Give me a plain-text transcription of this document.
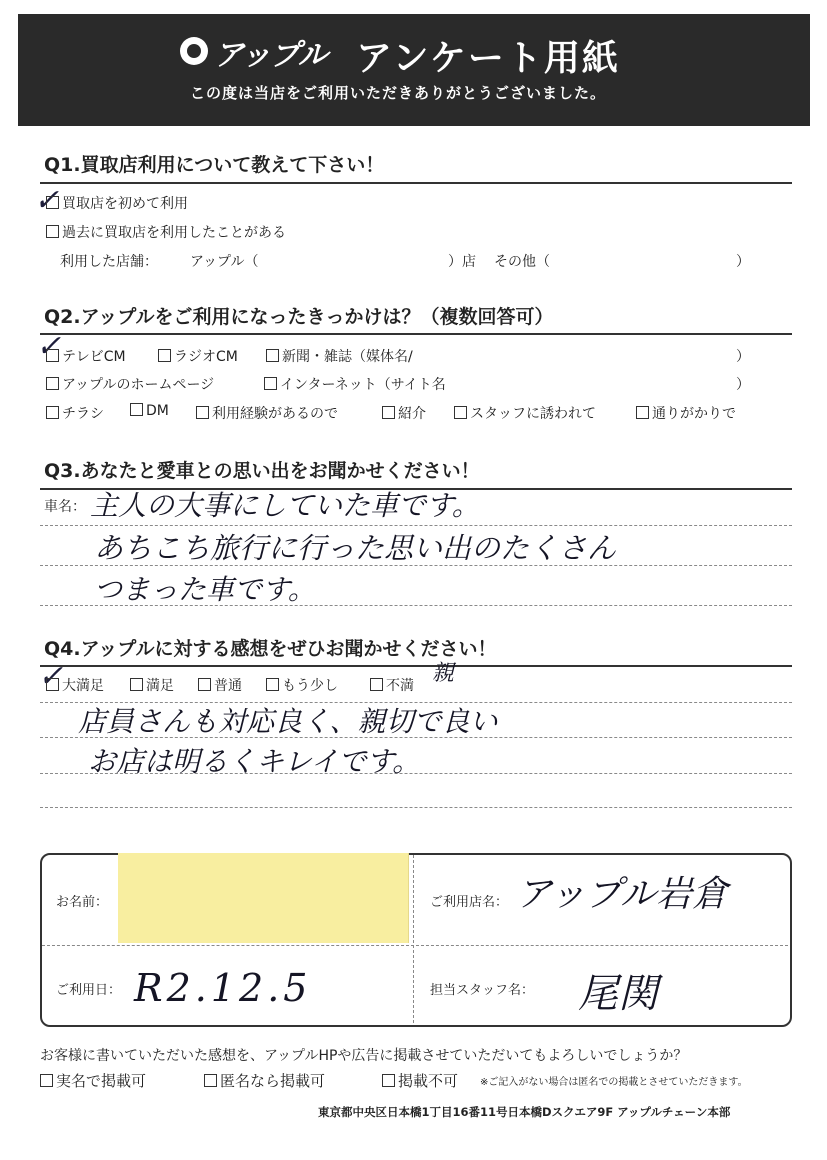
アップル アンケート用紙
この度は当店をご利用いただきありがとうございました。
Q1.買取店利用について教えて下さい！
✓ 買取店を初めて利用
過去に買取店を利用したことがある
利用した店舗： アップル（	）店 その他（	）
Q2.アップルをご利用になったきっかけは？（複数回答可）
✓ テレビCM	ラジオCM	新聞・雑誌（媒体名/	）
アップルのホームページ	インターネット（サイト名	）
チラシ	DM	利用経験があるので	紹介	スタッフに誘われて	通りがかりで
Q3.あなたと愛車との思い出をお聞かせください！
車名： 主人の大事にしていた車です。
あちこち旅行に行った思い出のたくさん
つまった車です。
Q4.アップルに対する感想をぜひお聞かせください！
✓
大満足	満足	普通	もう少し	不満 親
店員さんも対応良く、親切で良い
お店は明るくキレイです。
お名前：	ご利用店名： アップル岩倉
ご利用日： R2.12.5	担当スタッフ名： 尾関
お客様に書いていただいた感想を、アップルHPや広告に掲載させていただいてもよろしいでしょうか？
実名で掲載可	匿名なら掲載可	掲載不可 ※ご記入がない場合は匿名での掲載とさせていただきます。
東京都中央区日本橋1丁目16番11号日本橋Dスクエア9F アップルチェーン本部
